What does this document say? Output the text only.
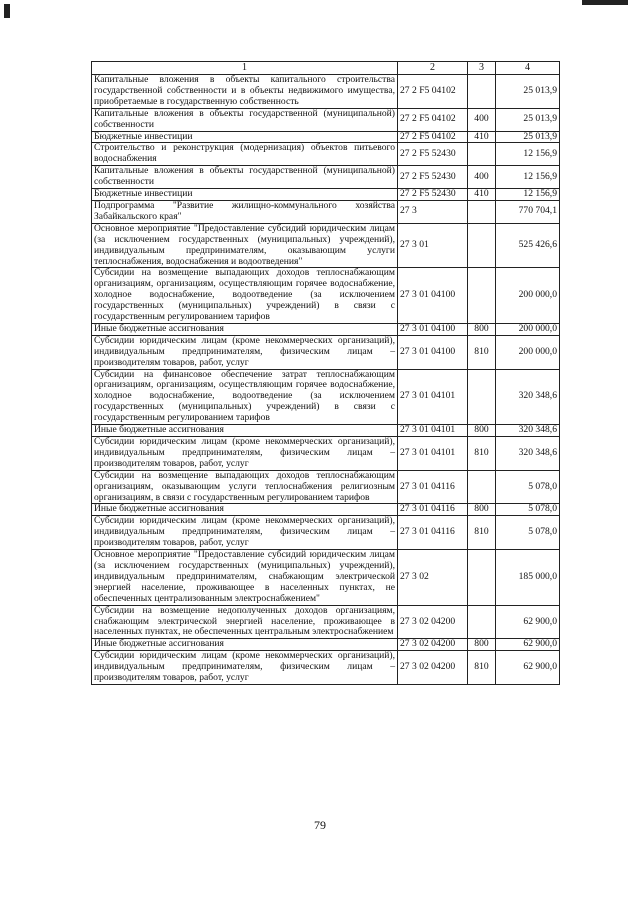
1	2	3	4
Капитальные вложения в объекты капитального строительства государственной собственности и в объекты недвижимого имущества, приобретаемые в государственную собственность	27 2 F5 04102		25 013,9
Капитальные вложения в объекты государственной (муниципальной) собственности	27 2 F5 04102	400	25 013,9
Бюджетные инвестиции	27 2 F5 04102	410	25 013,9
Строительство и реконструкция (модернизация) объектов питьевого водоснабжения	27 2 F5 52430		12 156,9
Капитальные вложения в объекты государственной (муниципальной) собственности	27 2 F5 52430	400	12 156,9
Бюджетные инвестиции	27 2 F5 52430	410	12 156,9
Подпрограмма "Развитие жилищно-коммунального хозяйства Забайкальского края"	27 3		770 704,1
Основное мероприятие "Предоставление субсидий юридическим лицам (за исключением государственных (муниципальных) учреждений), индивидуальным предпринимателям, оказывающим услуги теплоснабжения, водоснабжения и водоотведения"	27 3 01		525 426,6
Субсидии на возмещение выпадающих доходов теплоснабжающим организациям, организациям, осуществляющим горячее водоснабжение, холодное водоснабжение, водоотведение (за исключением государственных (муниципальных) учреждений) в связи с государственным регулированием тарифов	27 3 01 04100		200 000,0
Иные бюджетные ассигнования	27 3 01 04100	800	200 000,0
Субсидии юридическим лицам (кроме некоммерческих организаций), индивидуальным предпринимателям, физическим лицам – производителям товаров, работ, услуг	27 3 01 04100	810	200 000,0
Субсидии на финансовое обеспечение затрат теплоснабжающим организациям, организациям, осуществляющим горячее водоснабжение, холодное водоснабжение, водоотведение (за исключением государственных (муниципальных) учреждений) в связи с государственным регулированием тарифов	27 3 01 04101		320 348,6
Иные бюджетные ассигнования	27 3 01 04101	800	320 348,6
Субсидии юридическим лицам (кроме некоммерческих организаций), индивидуальным предпринимателям, физическим лицам – производителям товаров, работ, услуг	27 3 01 04101	810	320 348,6
Субсидии на возмещение выпадающих доходов теплоснабжающим организациям, оказывающим услуги теплоснабжения религиозным организациям, в связи с государственным регулированием тарифов	27 3 01 04116		5 078,0
Иные бюджетные ассигнования	27 3 01 04116	800	5 078,0
Субсидии юридическим лицам (кроме некоммерческих организаций), индивидуальным предпринимателям, физическим лицам – производителям товаров, работ, услуг	27 3 01 04116	810	5 078,0
Основное мероприятие "Предоставление субсидий юридическим лицам (за исключением государственных (муниципальных) учреждений), индивидуальным предпринимателям, снабжающим электрической энергией население, проживающее в населенных пунктах, не обеспеченных централизованным электроснабжением"	27 3 02		185 000,0
Субсидии на возмещение недополученных доходов организациям, снабжающим электрической энергией население, проживающее в населенных пунктах, не обеспеченных центральным электроснабжением	27 3 02 04200		62 900,0
Иные бюджетные ассигнования	27 3 02 04200	800	62 900,0
Субсидии юридическим лицам (кроме некоммерческих организаций), индивидуальным предпринимателям, физическим лицам – производителям товаров, работ, услуг	27 3 02 04200	810	62 900,0
79
